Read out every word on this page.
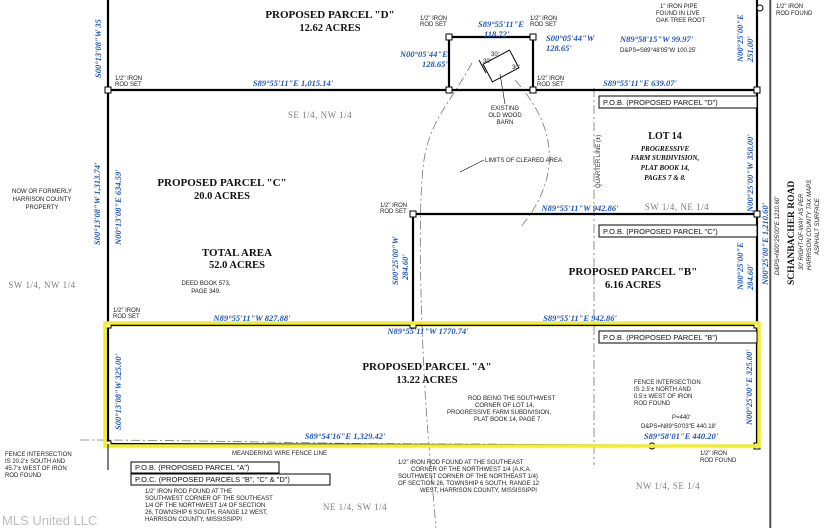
30'
30'
30'
PROPOSED PARCEL "D"
12.62 ACRES
PROPOSED PARCEL "C"
20.0 ACRES
TOTAL AREA
52.0 ACRES
DEED BOOK 573,
PAGE 349.
PROPOSED PARCEL "B"
6.16 ACRES
PROPOSED PARCEL "A"
13.22 ACRES
SE 1/4, NW 1/4
SW 1/4, NE 1/4
SW 1/4, NW 1/4
NE 1/4, SW 1/4
NW 1/4, SE 1/4
QUARTER LINE (±)
S89°55'11"E 1,015.14'	S89°55'11"E 639.07'
S89°55'11"E
118.72'	S00°05'44"W
128.65'
N00°05'44"E
128.65'
N89°58'15"W 99.97'
D&PS=S89°48'05"W 100.25'
N89°55'11"W 942.86'
S89°55'11"E 942.86'
N89°55'11"W 827.88'
N89°55'11"W 1770.74'
S89°54'16"E 1,329.42'	S89°58'01"E 440.20'
P=440'
D&PS=N89°50'03"E 440.18'
S00°13'08"W 35
S00°13'08"W 1,313.74' N00°13'08"E 634.59'
S00°13'08"W 325.00'
S00°25'00"W 284.60'
N00°25'00"E 251.00'
350.00'
N00°25'00"W
N00°25'00"E 284.60'
N00°25'00"E 325.00'
N00°25'00"E 1,210.60' SCHANBACHER ROAD
D&PS=N00°25'00"E 1210.60'	30' RIGHT-OF-WAY AS PER HARRISON COUNTY TAX MAPS ASPHALT SURFACE
P.O.B. (PROPOSED PARCEL "D")
P.O.B. (PROPOSED PARCEL "C")
P.O.B. (PROPOSED PARCEL "B")
P.O.B. (PROPOSED PARCEL "A")
P.O.C. (PROPOSED PARCELS "B", "C" & "D")
LOT 14
PROGRESSIVE
FARM SUBDIVISION,
PLAT BOOK 14,
PAGES 7 & 8.
1/2" IRON
ROD SET
1/2" IRON
ROD SET
1/2" IRON
ROD SET
1/2" IRON
ROD SET
1/2" IRON
ROD SET
1/2" IRON
ROD SET
1/2" IRON
ROD FOUND
1/2" IRON
ROD FOUND
1" IRON PIPE
FOUND IN LIVE
OAK TREE ROOT
EXISTING
OLD WOOD
BARN
LIMITS OF CLEARED AREA
NOW OR FORMERLY
HARRISON COUNTY
PROPERTY
FENCE INTERSECTION
IS 20.2'± SOUTH AND
45.7'± WEST OF IRON
ROD FOUND
FENCE INTERSECTION
IS 2.5'± NORTH AND
0.5'± WEST OF IRON
ROD FOUND
ROD BEING THE SOUTHWEST
CORNER OF LOT 14,
PROGRESSIVE FARM SUBDIVISION,
PLAT BOOK 14, PAGE 7.
MEANDERING WIRE FENCE LINE
1/2" IRON ROD FOUND AT THE
SOUTHWEST CORNER OF THE SOUTHEAST
1/4 OF THE NORTHWEST 1/4 OF SECTION
26, TOWNSHIP 6 SOUTH, RANGE 12 WEST,
HARRISON COUNTY, MISSISSIPPI
1/2" IRON ROD FOUND AT THE SOUTHEAST
CORNER OF THE NORTHWEST 1/4 (A.K.A.
SOUTHWEST CORNER OF THE NORTHEAST 1/4)
OF SECTION 26, TOWNSHIP 6 SOUTH, RANGE 12
WEST, HARRISON COUNTY, MISSISSIPPI
MLS United LLC
